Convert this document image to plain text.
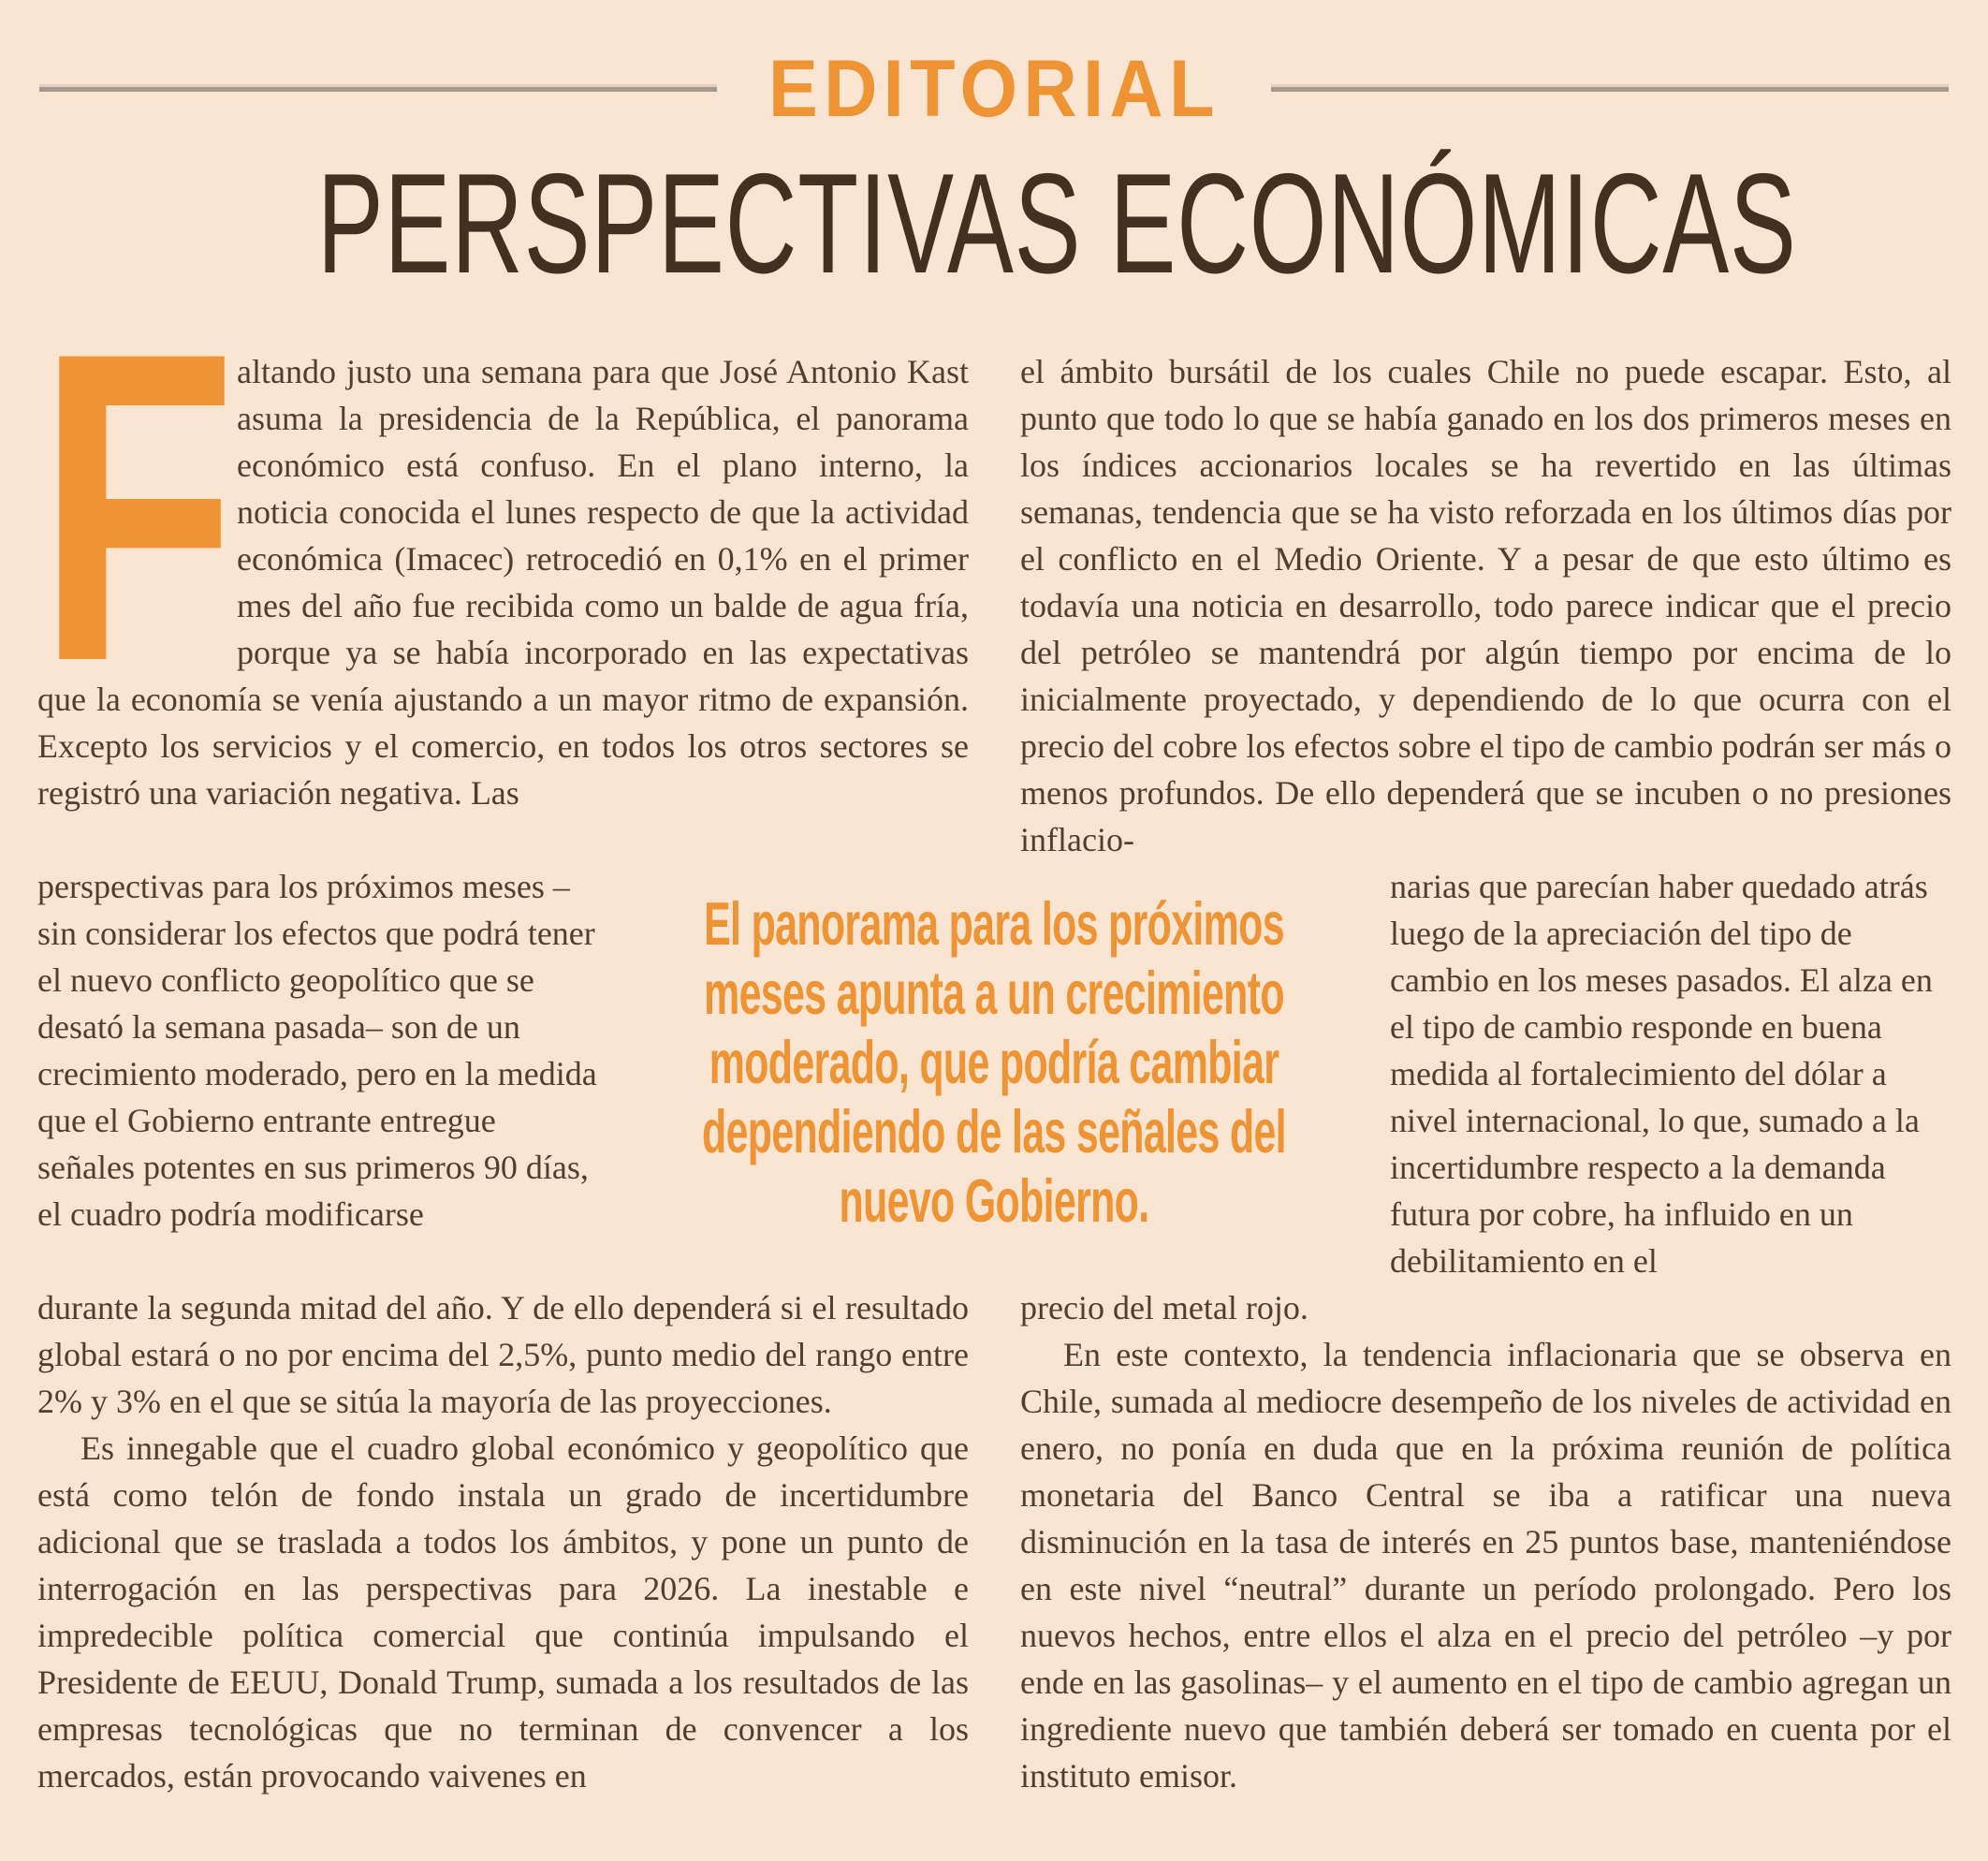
EDITORIAL
PERSPECTIVAS ECONÓMICAS
Faltando justo una semana para que José Antonio Kast asuma la presidencia de la República, el panorama económico está confuso. En el plano interno, la noticia conocida el lunes respecto de que la actividad económica (Imacec) retrocedió en 0,1% en el primer mes del año fue recibida como un balde de agua fría, porque ya se había incorporado en las expectativas que la economía se venía ajustando a un mayor ritmo de expansión. Excepto los servicios y el comercio, en todos los otros sectores se registró una variación negativa. Las
perspectivas para los próximos meses –sin considerar los efectos que podrá tener el nuevo conflicto geopolítico que se desató la semana pasada– son de un crecimiento moderado, pero en la medida que el Gobierno entrante entregue señales potentes en sus primeros 90 días, el cuadro podría modificarse
durante la segunda mitad del año. Y de ello dependerá si el resultado global estará o no por encima del 2,5%, punto medio del rango entre 2% y 3% en el que se sitúa la mayoría de las proyecciones.
Es innegable que el cuadro global económico y geopolítico que está como telón de fondo instala un grado de incertidumbre adicional que se traslada a todos los ámbitos, y pone un punto de interrogación en las perspectivas para 2026. La inestable e impredecible política comercial que continúa impulsando el Presidente de EEUU, Donald Trump, sumada a los resultados de las empresas tecnológicas que no terminan de convencer a los mercados, están provocando vaivenes en
el ámbito bursátil de los cuales Chile no puede escapar. Esto, al punto que todo lo que se había ganado en los dos primeros meses en los índices accionarios locales se ha revertido en las últimas semanas, tendencia que se ha visto reforzada en los últimos días por el conflicto en el Medio Oriente. Y a pesar de que esto último es todavía una noticia en desarrollo, todo parece indicar que el precio del petróleo se mantendrá por algún tiempo por encima de lo inicialmente proyectado, y dependiendo de lo que ocurra con el precio del cobre los efectos sobre el tipo de cambio podrán ser más o menos profundos. De ello dependerá que se incuben o no presiones inflacio-
narias que parecían haber quedado atrás luego de la apreciación del tipo de cambio en los meses pasados. El alza en el tipo de cambio responde en buena medida al fortalecimiento del dólar a nivel internacional, lo que, sumado a la incertidumbre respecto a la demanda futura por cobre, ha influido en un debilitamiento en el
precio del metal rojo.
En este contexto, la tendencia inflacionaria que se observa en Chile, sumada al mediocre desempeño de los niveles de actividad en enero, no ponía en duda que en la próxima reunión de política monetaria del Banco Central se iba a ratificar una nueva disminución en la tasa de interés en 25 puntos base, manteniéndose en este nivel “neutral” durante un período prolongado. Pero los nuevos hechos, entre ellos el alza en el precio del petróleo –y por ende en las gasolinas– y el aumento en el tipo de cambio agregan un ingrediente nuevo que también deberá ser tomado en cuenta por el instituto emisor.
El panorama para los próximos
meses apunta a un crecimiento
moderado, que podría cambiar
dependiendo de las señales del
nuevo Gobierno.
